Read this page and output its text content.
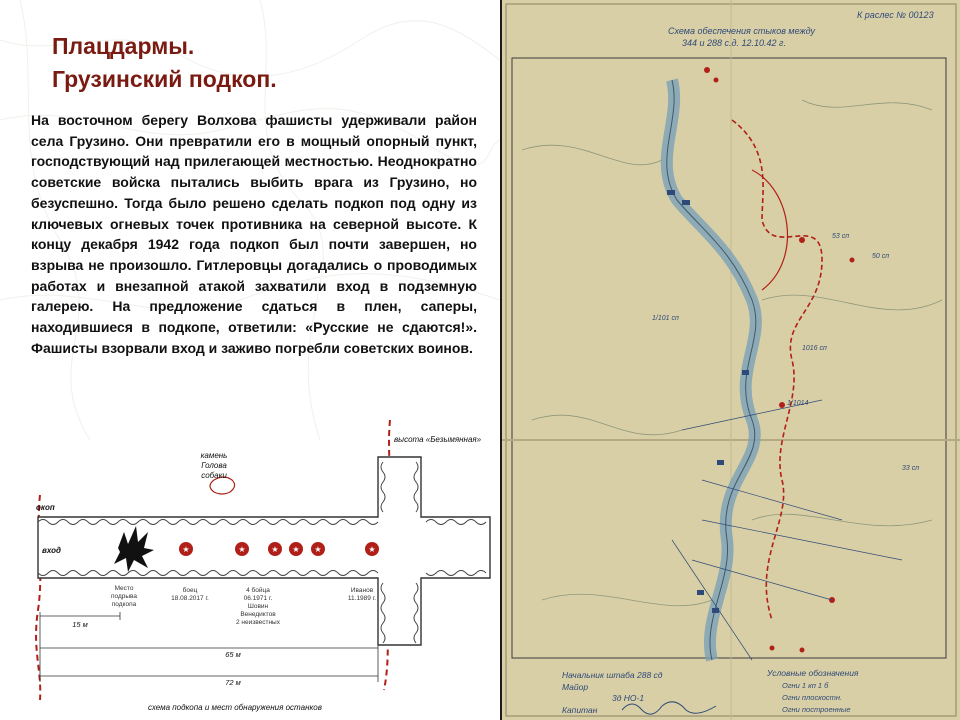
Плацдармы.
Грузинский подкоп.

На восточном берегу Волхова фашисты удерживали район села Грузино. Они превратили его в мощный опорный пункт, господствующий над прилегающей местностью. Неоднократно советские войска пытались выбить врага из Грузино, но безуспешно. Тогда было решено сделать подкоп под одну из ключевых огневых точек противника на северной высоте. К концу декабря 1942 года подкоп был почти завершен, но взрыва не произошло. Гитлеровцы догадались о проводимых работах и внезапной атакой захватили вход в подземную галерею. На предложение сдаться в плен, саперы, находившиеся в подкопе, ответили: «Русские не сдаются!». Фашисты взорвали вход и заживо погребли советских воинов.

★	★	★ ★ ★	★
высота «Безымянная»
камень Голова собаки
окоп
вход
Место подрыва подкопа
боец 18.08.2017 г.
4 бойца 06.1971 г. Шовин Венедиктов 2 неизвестных
Иванов 11.1989 г.
15 м
65 м
72 м
схема подкопа и мест обнаружения останков
К раслес № 00123
Схема обеспечения стыков между 344 и 288 с.д. 12.10.42 г.
1/101 сп
1/1014
50 сп
53 сп
1016 сп
33 сп
Начальник штаба 288 сд
Майор
3д НО-1
Капитан
Условные обозначения
Огни 1 кп 1 б
Огни плоскостн.
Огни построенные
